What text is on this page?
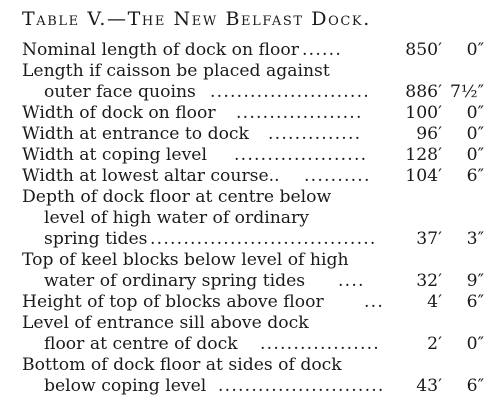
Table V.—The New Belfast Dock.
Nominal length of dock on floor ......	850′	0″
Length if caisson be placed against
outer face quoins ........................	886′ 7½″
Width of dock on floor ...................	100′	0″
Width at entrance to dock ..............	96′	0″
Width at coping level ....................	128′	0″
Width at lowest altar course.. ..........	104′	6″
Depth of dock floor at centre below
level of high water of ordinary
spring tides ..................................	37′	3″
Top of keel blocks below level of high
water of ordinary spring tides ....	32′	9″
Height of top of blocks above floor ...	4′	6″
Level of entrance sill above dock
floor at centre of dock ..................	2′	0″
Bottom of dock floor at sides of dock
below coping level .........................	43′	6″
